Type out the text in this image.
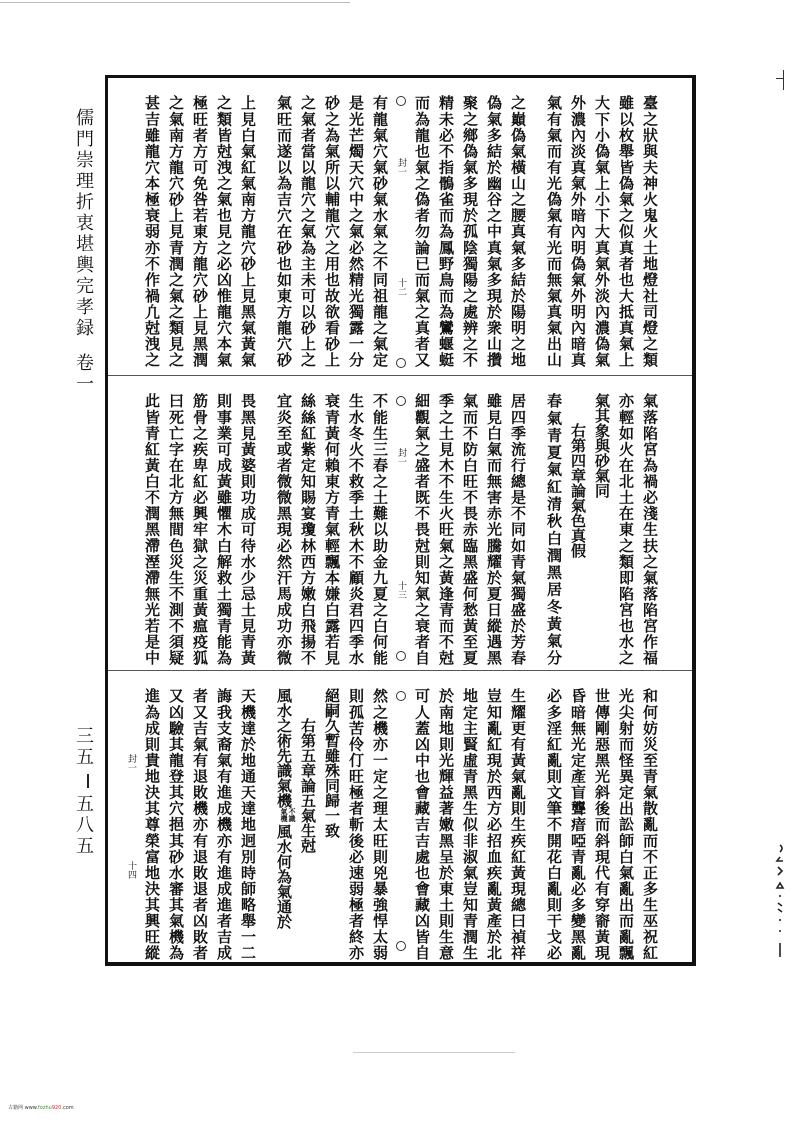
儒門崇理折衷堪輿完孝録卷一
三五五八五
臺之狀與夫神火鬼火土地燈社司燈之類
雖以枚舉皆偽氣之似真者也大抵真氣上
大下小偽氣上小下大真氣外淡內濃偽氣
外濃內淡真氣外暗內明偽氣外明內暗真
氣有氣而有光偽氣有光而無氣真氣出山
之巔偽氣橫山之腰真氣多結於陽明之地
偽氣多結於幽谷之中真氣多現於衆山攢
聚之鄉偽氣多現於孤陰獨陽之處辨之不
精未必不指鶻雀而為鳳野鳥而為鸞蝘蜓
而為龍也氣之偽者勿論已而氣之真者又
封一
十二
有龍氣穴氣砂氣水氣之不同祖龍之氣定
是光芒燭天穴中之氣必然精光獨露一分
砂之為氣所以輔龍穴之用也故欲看砂上
之氣者當以龍穴之氣為主未可以砂上之
氣旺而遂以為吉穴在砂也如東方龍穴砂
上見白氣紅氣南方龍穴砂上見黑氣黃氣
之類皆尅洩之氣也見之必凶惟龍穴本氣
極旺者方可免咎若東方龍穴砂上見黑潤
之氣南方龍穴砂上見青潤之氣之類見之
甚吉雖龍穴本極衰弱亦不作禍凢尅洩之
氣落陷宮為禍必淺生扶之氣落陷宮作福
亦輕如火在北土在東之類即陷宮也水之
氣其象與砂氣同
右第四章論氣色真假
春氣青夏氣紅清秋白潤黑居冬黃氣分
居四季流行總是不同如青氣獨盛於芳春
雖見白氣而無害赤光騰耀於夏日縱遇黑
氣而不防白旺不畏赤臨黑盛何愁黃至夏
季之土見木不生火旺氣之黃逢青而不尅
細觀氣之盛者既不畏尅則知氣之衰者自
封一
十三
不能生三春之土難以助金九夏之白何能
生水冬火不救季土秋木不顧炎君四季水
衰青黃何賴東方青氣輕飄本嫌白露若見
絲絲紅紫定知賜宴瓊林西方嫩白飛揚不
宜炎至或者微微黑現必然汗馬成功亦微
畏黑見黃婆則功成可待水少忌土見青黃
則事業可成黃雖懼木白解救土獨青能為
筋骨之疾卑紅必興牢獄之災重黃瘟疫狐
曰死亡字在北方無間色災生不測不須疑
此皆青紅黃白不潤黑滯溼滯無光若是中
和何妨災至青氣散亂而不正多生巫祝紅
光尖射而怪異定出訟師白氣亂出而亂飄
世傳剛惡黑光斜後而斜現代有穿窬黃現
昏暗無光定產盲聾瘖啞青亂必多變黑亂
必多淫紅亂則文筆不開花白亂則干戈必
生耀更有黃氣亂則生疾紅黃現總曰禎祥
豈知亂紅現於西方必招血疾亂黃產於北
地定主賢虛青黑生似非淑氣豈知青潤生
於南地則光輝益著嫩黑呈於東土則生意
可人蓋凶中也會藏吉吉處也會藏凶皆自
然之機亦一定之理太旺則兇暴強悍太弱
則孤苦伶仃旺極者斬後必速弱極者終亦
絕嗣久暫雖殊同歸一致
右第五章論五氣生尅
風水之術先識氣機不識氣機風水何為氣通於
天機達於地通天達地迥別時師略舉一二
誨我支裔氣有進成機亦有進成進者吉成
者又吉氣有退敗機亦有退敗退者凶敗者
又凶驗其龍登其穴挹其砂水審其氣機為
進為成則貴地決其尊榮富地決其興旺縱
封一
十四
古籍网 www.fozhu920.com
